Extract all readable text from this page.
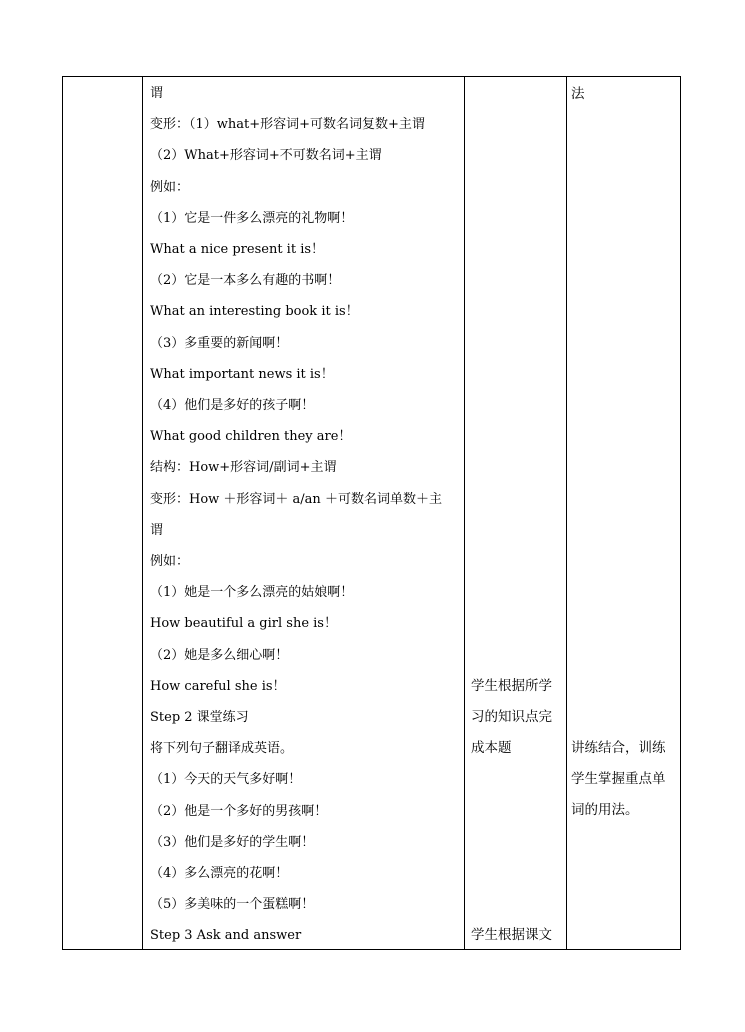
谓
变形：（1）what+形容词+可数名词复数+主谓
（2）What+形容词+不可数名词+主谓
例如：
（1）它是一件多么漂亮的礼物啊！
What a nice present it is！
（2）它是一本多么有趣的书啊！
What an interesting book it is！
（3）多重要的新闻啊！
What important news it is！
（4）他们是多好的孩子啊！
What good children they are！
结构：How+形容词/副词+主谓
变形：How ＋形容词＋ a/an ＋可数名词单数＋主
谓
例如：
（1）她是一个多么漂亮的姑娘啊！
How beautiful a girl she is！
（2）她是多么细心啊！
How careful she is！
Step 2 课堂练习
将下列句子翻译成英语。
（1）今天的天气多好啊！
（2）他是一个多好的男孩啊！
（3）他们是多好的学生啊！
（4）多么漂亮的花啊！
（5）多美味的一个蛋糕啊！
Step 3 Ask and answer
学生根据所学
习的知识点完
成本题
学生根据课文
法
讲练结合，训练
学生掌握重点单
词的用法。
